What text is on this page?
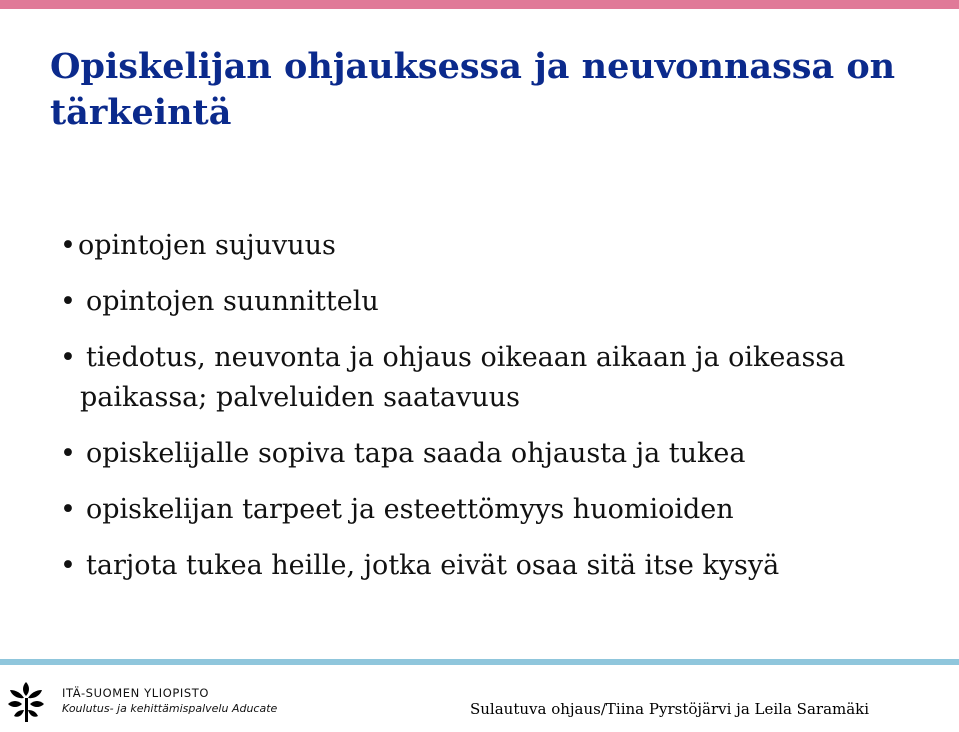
Opiskelijan ohjauksessa ja neuvonnassa on
tärkeintä
• opintojen sujuvuus
• opintojen suunnittelu
• tiedotus, neuvonta ja ohjaus oikeaan aikaan ja oikeassa
paikassa; palveluiden saatavuus
• opiskelijalle sopiva tapa saada ohjausta ja tukea
• opiskelijan tarpeet ja esteettömyys huomioiden
• tarjota tukea heille, jotka eivät osaa sitä itse kysyä
ITÄ-SUOMEN YLIOPISTO
Koulutus- ja kehittämispalvelu Aducate	Sulautuva ohjaus/Tiina Pyrstöjärvi ja Leila Saramäki
